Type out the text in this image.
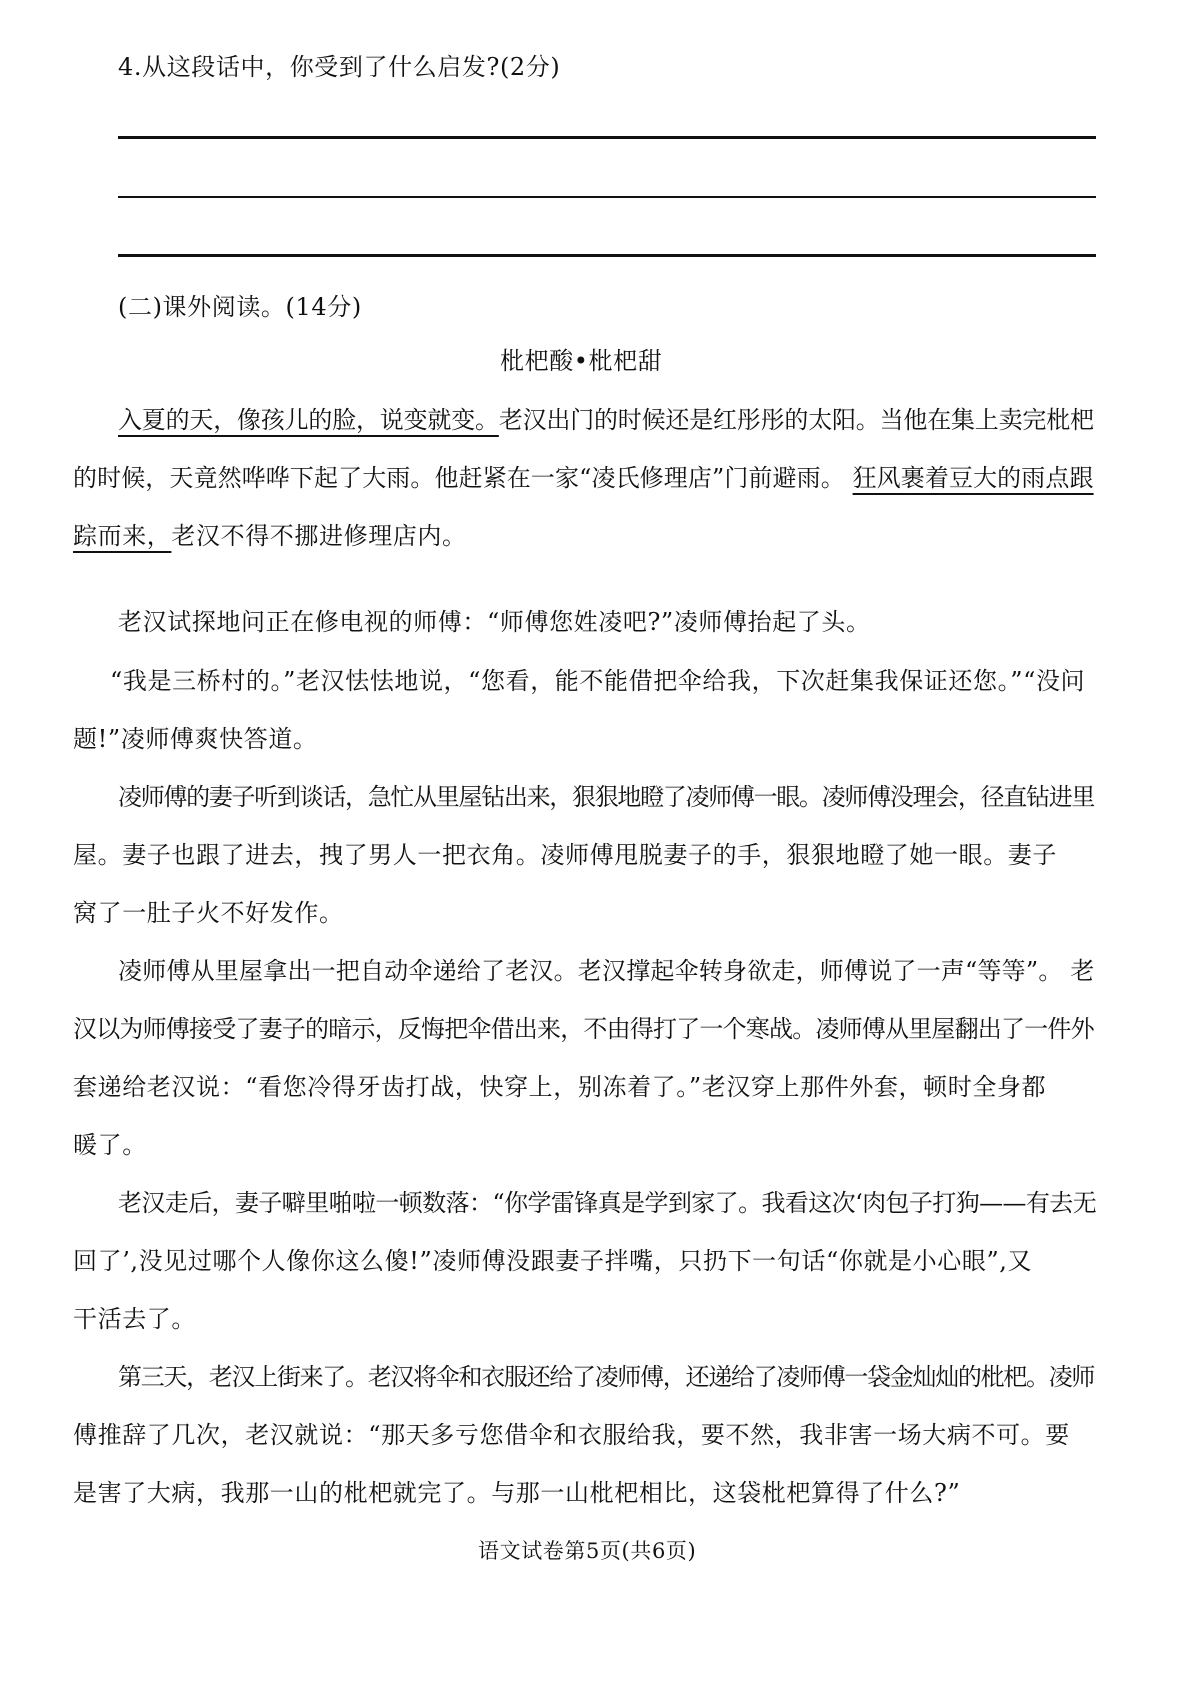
4.从这段话中，你受到了什么启发?(2分)
(二)课外阅读。(14分)
枇杷酸•枇杷甜
入夏的天，像孩儿的脸，说变就变。老汉出门的时候还是红彤彤的太阳。当他在集上卖完枇杷
的时候，天竟然哗哗下起了大雨。他赶紧在一家“凌氏修理店”门前避雨。 狂风裹着豆大的雨点跟
踪而来，老汉不得不挪进修理店内。
老汉试探地问正在修电视的师傅：“师傅您姓凌吧?”凌师傅抬起了头。
“我是三桥村的。”老汉怯怯地说，“您看，能不能借把伞给我，下次赶集我保证还您。”“没问
题!”凌师傅爽快答道。
凌师傅的妻子听到谈话，急忙从里屋钻出来，狠狠地瞪了凌师傅一眼。凌师傅没理会，径直钻进里
屋。妻子也跟了进去，拽了男人一把衣角。凌师傅甩脱妻子的手，狠狠地瞪了她一眼。妻子
窝了一肚子火不好发作。
凌师傅从里屋拿出一把自动伞递给了老汉。老汉撑起伞转身欲走，师傅说了一声“等等”。 老
汉以为师傅接受了妻子的暗示，反悔把伞借出来，不由得打了一个寒战。凌师傅从里屋翻出了一件外
套递给老汉说：“看您冷得牙齿打战，快穿上，别冻着了。”老汉穿上那件外套，顿时全身都
暖了。
老汉走后，妻子噼里啪啦一顿数落：“你学雷锋真是学到家了。我看这次‘肉包子打狗——有去无
回了’,没见过哪个人像你这么傻!”凌师傅没跟妻子拌嘴，只扔下一句话“你就是小心眼”,又
干活去了。
第三天，老汉上街来了。老汉将伞和衣服还给了凌师傅，还递给了凌师傅一袋金灿灿的枇杷。凌师
傅推辞了几次，老汉就说：“那天多亏您借伞和衣服给我，要不然，我非害一场大病不可。要
是害了大病，我那一山的枇杷就完了。与那一山枇杷相比，这袋枇杷算得了什么?”
语文试卷第5页(共6页)
